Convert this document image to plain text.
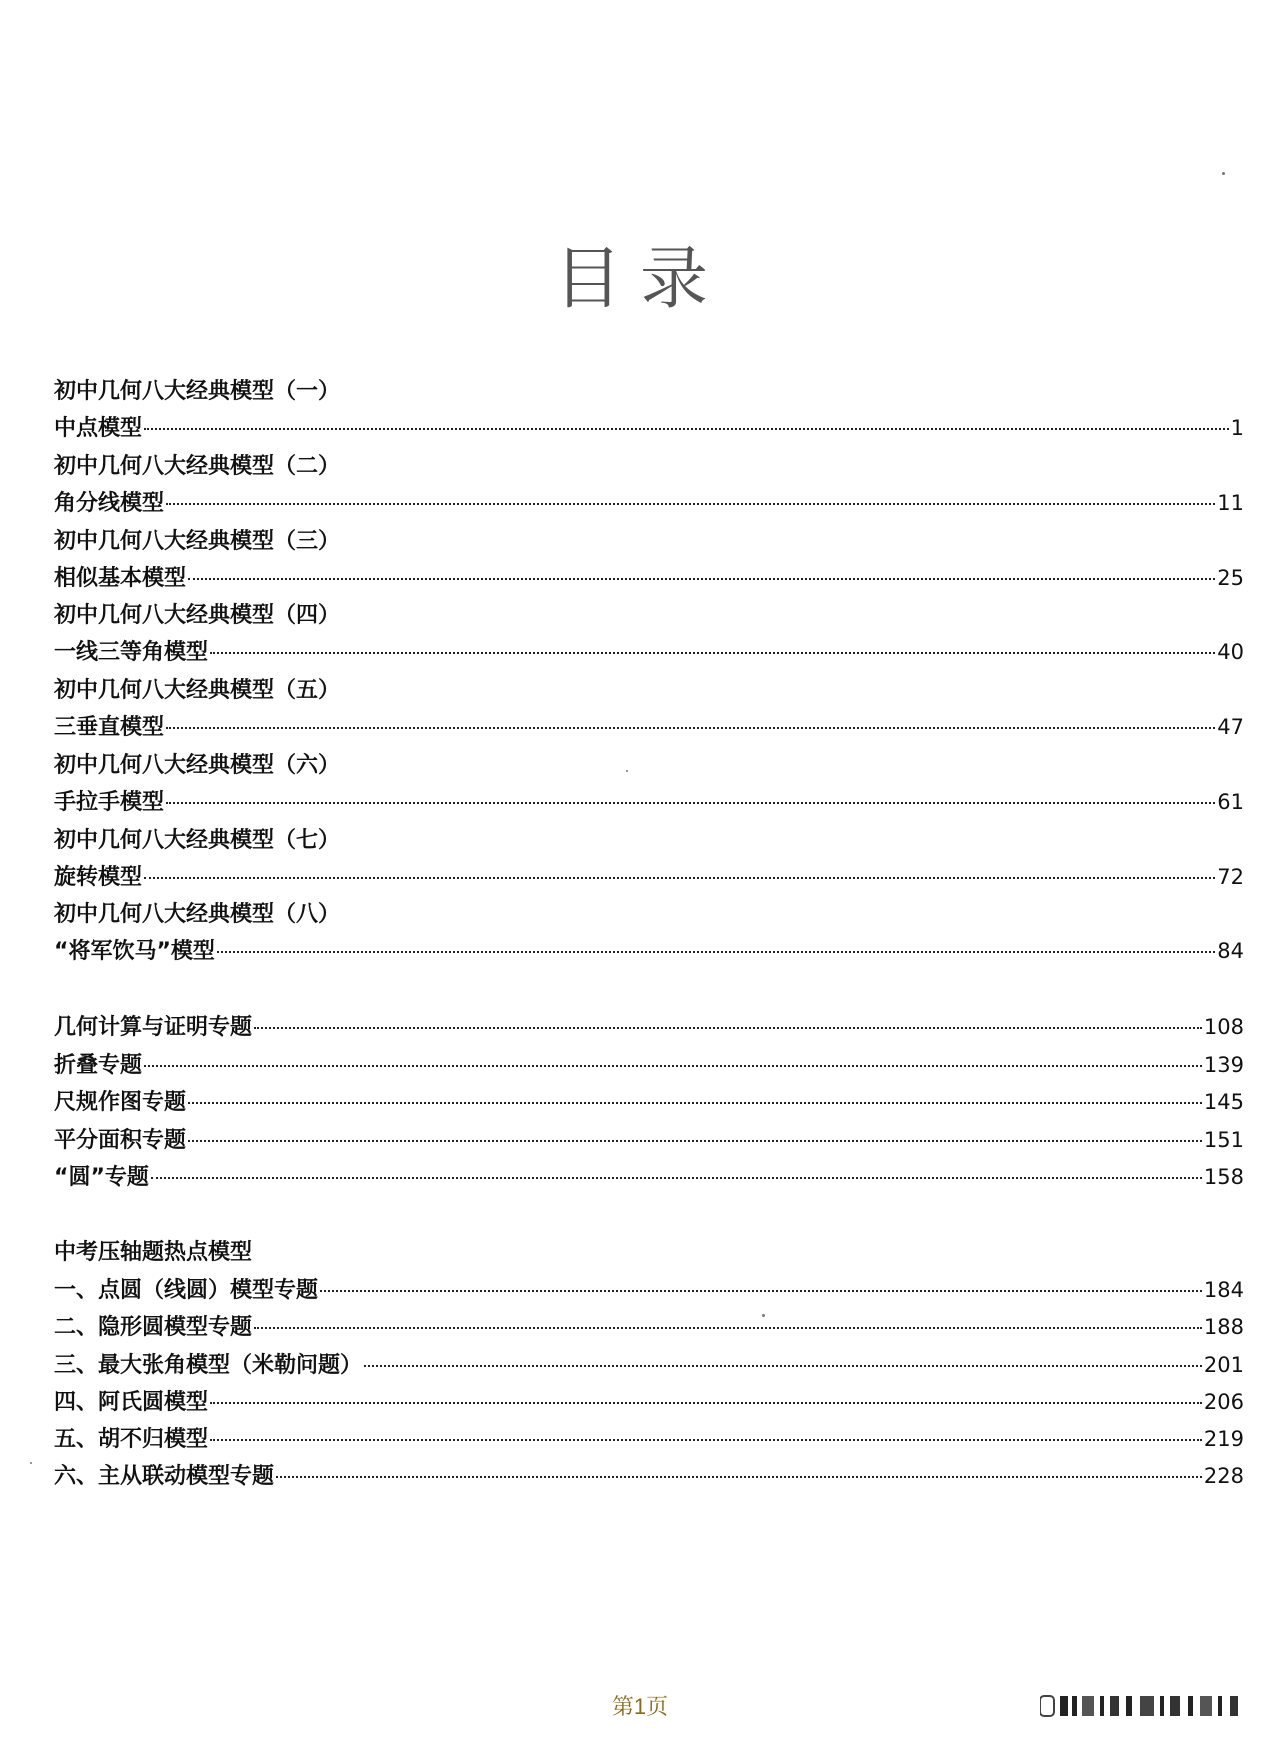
目录
初中几何八大经典模型（一）
中点模型	1
初中几何八大经典模型（二）
角分线模型	11
初中几何八大经典模型（三）
相似基本模型	25
初中几何八大经典模型（四）
一线三等角模型	40
初中几何八大经典模型（五）
三垂直模型	47
初中几何八大经典模型（六）
手拉手模型	61
初中几何八大经典模型（七）
旋转模型	72
初中几何八大经典模型（八）
“将军饮马”模型	84
几何计算与证明专题	108
折叠专题	139
尺规作图专题	145
平分面积专题	151
“圆”专题	158
中考压轴题热点模型
一、点圆（线圆）模型专题	184
二、隐形圆模型专题	188
三、最大张角模型（米勒问题）	201
四、阿氏圆模型	206
五、胡不归模型	219
六、主从联动模型专题	228
第1页
